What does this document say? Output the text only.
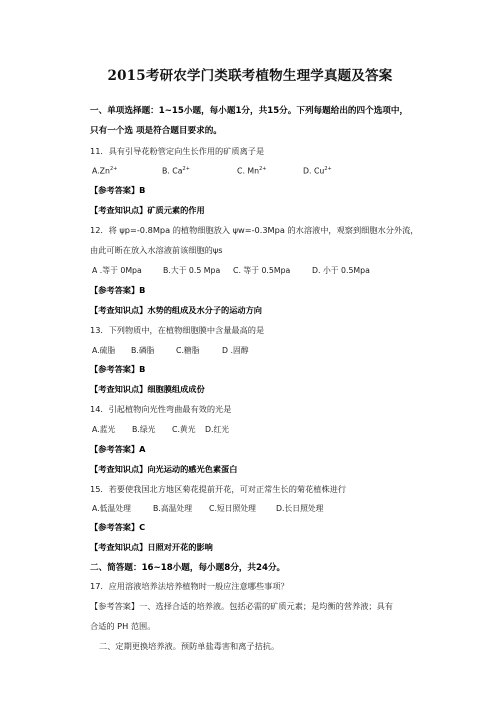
2015考研农学门类联考植物生理学真题及答案
一、单项选择题：1~15小题，每小题1分，共15分。下列每题给出的四个选项中，
只有一个选 项是符合题目要求的。
11．具有引导花粉管定向生长作用的矿质离子是
$A.Zn^{2+}$	B. $Ca^{2+}$	C. $Mn^{2+}$	D. $Cu^{2+}$
【参考答案】B
【考查知识点】矿质元素的作用
12．将 ψp=-0.8Mpa 的植物细胞放入 ψw=-0.3Mpa 的水溶液中，观察到细胞水分外流，
由此可断在放入水溶液前该细胞的ψs
A .等于 0Mpa	B.大于 0.5 Mpa C. 等于 0.5Mpa	D. 小于 0.5Mpa
【参考答案】B
【考查知识点】水势的组成及水分子的运动方向
13．下列物质中，在植物细胞膜中含量最高的是
A.硫脂 B.磷脂	C.糖脂	D .固醇
【参考答案】B
【考查知识点】细胞膜组成成份
14．引起植物向光性弯曲最有效的光是
A.蓝光 B.绿光 C.黄光 D.红光
【参考答案】A
【考查知识点】向光运动的感光色素蛋白
15．若要使我国北方地区菊花提前开花，可对正常生长的菊花植株进行
A.低温处理	B.高温处理 C.短日照处理	D.长日照处理
【参考答案】C
【考查知识点】日照对开花的影响
二、简答题：16~18小题，每小题8分，共24分。
17．应用溶液培养法培养植物时一般应注意哪些事项？
【参考答案】一、选择合适的培养液。包括必需的矿质元素；是均衡的营养液；具有
合适的 PH 范围。
二、定期更换培养液。预防单盐毒害和离子拮抗。
